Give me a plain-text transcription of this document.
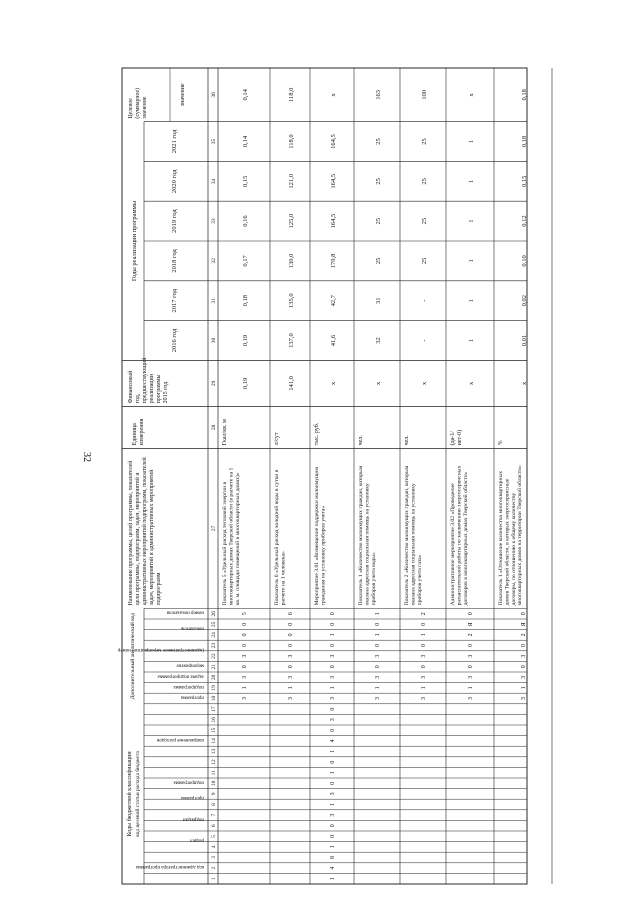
32
Коды бюджетной классификации код целевой статьи расхода бюджета
Дополнительный аналитический код
код администратора программы
раздел
подраздел
программа
подпрограмма
направление расходов
программа
подпрограмма
задача подпрограммы
мероприятие
(административное мероприятие) номер
показатель
номер показателя
Наименование программы, целей программы, показателейцели программы, подпрограмм, задач, мероприятий иадминистративных мероприятий подпрограмм, показателейзадач, мероприятий и административных мероприятийподпрограмм
Единицаизмерения
Финансовыйгод,предшествующийреализациипрограммы2015 год
Годы реализации программы
2016 год
2017 год
2018 год
2019 год
2020 год
2021 год
Целевое(суммарное)значение
значение
1
2
3
4
5
6
7
8
9
10
11
12
13
14
15
16
17
18
19
20
21
22
23
24
25
26
27
28
29
30
31
32
33
34
35
36
3
1
3
0
3
0
0
0
5
Показатель 5 «Удельный расход тепловой энергии вмногоквартирных домах Тверской области (в расчете на 1кв. м. площади помещений в многоквартирных домах)»
Гкал/кв. м
0,19
0,19
0,18
0,17
0,16
0,15
0,14
0,14
3
1
3
0
3
0
0
0
6
Показатель 6 «Удельный расход холодной воды в сутки врасчете на 1 человека»
л/сут
141,0
137,0
135,0
130,0
125,0
121,0
118,0
118,0
1
4
8
1
0
0
3
1
3
0
1
0
1
4
0
3
0
3
1
3
0
3
0
1
0
0
Мероприятие 3.01 «Возмещение поддержки малоимущимгражданам на установку приборов учета»
тыс. руб.
х
41,6
42,7
170,8
164,5
164,5
164,5
х
3
1
3
0
3
0
1
0
1
Показатель 1 «Количество малоимущих граждан, которымоказана адресная социальная помощь на установкуприборов учета воды»
чел.
х
32
31
25
25
25
25
163
3
1
3
0
3
0
1
0
2
Показатель 2 «Количество малоимущих граждан, которымоказана адресная социальная помощь на установкуприборов учета газа»
чел.
х
-
-
25
25
25
25
100
3
1
3
0
3
0
2
Я
0
Административное мероприятие 3.02 «Проведениеразъяснительной работы по заключению энергосервисныхдоговоров в многоквартирных домах Тверской области»
(да-1/нет-0)
х
1
1
1
1
1
1
х
3
1
3
0
3
0
2
Я
0
Показатель 1 «Отношение количества многоквартирныхдомов Тверской области, в которых энергосервисныедоговоры, по отношению к общему количествумногоквартирных домов на территории Тверской области»
%
х
0,01
0,02
0,10
0,12
0,15
0,18
0,18
